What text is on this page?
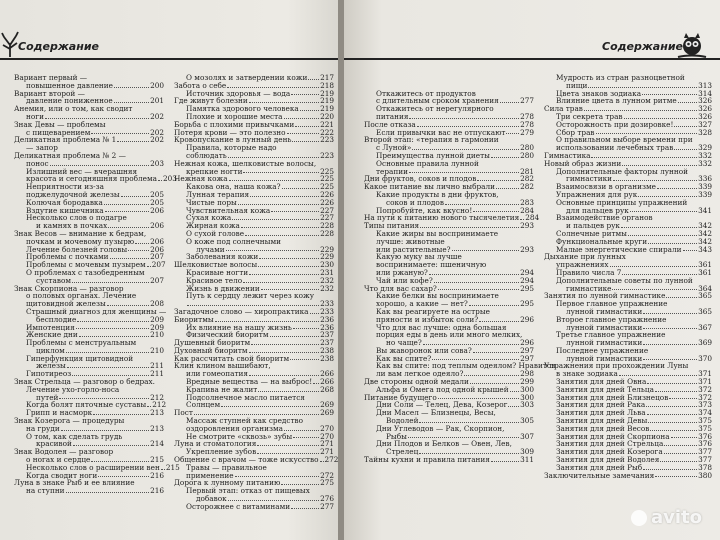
Содержание
Вариант первый —
повышенное давление	200
Вариант второй —
давление пониженное	201
Анемия, или о том, как сводит
ноги	202
Знак Девы — проблемы
с пищеварением	202
Деликатная проблема № 1	202
— запор
Деликатная проблема № 2 —
понос	203
Излишний вес — вчерашняя
красота и сегодняшняя проблема 203
Неприятности из-за
поджелудочной железы	205
Колючая бородавка	205
Вздутие кишечника	206
Несколько слов о подагре
и камнях в почках	206
Знак Весов — внимание к бедрам,
почкам и мочевому пузырю 206
Лечение болезней головы	206
Проблемы с почками	207
Проблемы с мочевым пузырем 207
О проблемах с тазобедренным
суставом	207
Знак Скорпиона — разговор
о половых органах. Лечение
щитовидной железы	208
Страшный диагноз для женщины —
бесплодие	209
Импотенция	209
Женские дни	210
Проблемы с менструальным
циклом	210
Гиперфункция щитовидной
железы	211
Гипотиреоз	211
Знак Стрельца — разговор о бедрах.
Лечение ухо-горло-носа
путей	212
Когда болят пяточные суставы 212
Грипп и насморк	213
Знак Козерога — процедуры
на груди	213
О том, как сделать грудь
красивой	214
Знак Водолея — разговор
о ногах и сердце	215
Несколько слов о расширении вен 215
Когда сводит ноги	216
Луна в знаке Рыб и ее влияние
на ступни	216
О мозолях и затвердении кожи 217
Забота о себе	218
Источник здоровья — вода	219
Где живут болезни	219
Памятка здорового человека	219
Плохие и хорошие места	220
Борьба с плохими привычками	221
Потеря крови — это полезно	222
Кровопускание в лунный день	223
Правила, которые надо
соблюдать	223
Нежная кожа, шелковистые волосы,
крепкие ногти	225
Нежная кожа	225
Какова она, наша кожа?	225
Лунная терапия	226
Чистые поры	226
Чувствительная кожа	227
Сухая кожа	227
Жирная кожа	228
О сухой голове	228
О коже под солнечными
лучами	229
Заболевания кожи	229
Шелковистые волосы	230
Красивые ногти	231
Красивое тело	232
Жизнь в движении	232
Путь к сердцу лежит через кожу
233
Загадочное слово — хиропрактика 233
Биоритмы	236
Их влияние на нашу жизнь	236
Физический биоритм	237
Душевный биоритм	237
Духовный биоритм	238
Как рассчитать свой биоритм	238
Клин клином вышибают,
или гомеопатия	266
Вредные вещества — на выброс! 266
Крапива не жалит	268
Подсолнечное масло питается
Солнцем	269
Пост	269
Массаж ступней как средство
оздоровления организма	270
Не смотрите «сквозь» зубы	270
Луна и стоматология	271
Укрепление зубов	271
Общение с врачом — тоже искусство 272
Травы — правильное
применение	272
Дорога к лунному питанию	275
Первый этап: отказ от пищевых
добавок	276
Осторожнее с витаминами	277
Содержание
Откажитесь от продуктов
с длительным сроком хранения	277
Откажитесь от нерегулярного
питания	278
После отказа	278
Если привычки вас не отпускают 279
Второй этап: «терапия в гармонии
с Луной»	280
Преимущества лунной диеты	280
Основные правила лунной
терапии	281
Дни фруктов, соков и плодов	282
Какое питание вы лично выбрали	282
Какие продукты в дни фруктов,
соков и плодов	283
Попробуйте, как вкусно!	284
На пути к питанию нового тысячелетия 284
Типы питания	293
Какие жиры вы воспринимаете
лучше: животные
или растительные?	293
Какую муку вы лучше
воспринимаете: пшеничную
или ржаную?	294
Чай или кофе?	294
Что для вас сахар?	295
Какие белки вы воспринимаете
хорошо, а какие — нет?	295
Как вы реагируете на острые
пряности и избыток соли?	296
Что для вас лучше: одна большая
порция еды в день или много мелких,
но чаще?	296
Вы жаворонок или сова?	297
Как вы спите?	297
Как вы спите: под теплым одеялом? Нравится
ли вам легкое одеяло?	298
Две стороны одной медали	299
Альфа и Омега под одной крышей 300
Питание будущего	300
Дни Соли — Телец, Дева, Козерог 303
Дни Масел — Близнецы, Весы,
Водолей	305
Дни Углеводов — Рак, Скорпион,
Рыбы	307
Дни Плодов и Белков — Овен, Лев,
Стрелец	309
Тайны кухни и правила питания	311
Мудрость из стран разноцветной
пищи	313
Цвета знаков зодиака	314
Влияние цвета в лунном ритме	326
Сила трав	326
Три секрета трав	326
Осторожность при дозировке!	327
Сбор трав	328
О правильном выборе времени при
использовании лечебных трав	329
Гимнастика	332
Новый образ жизни	332
Дополнительные факторы лунной
гимнастики	336
Взаимосвязи в организме	339
Упражнения для рук	339
Основные принципы упражнений
для пальцев рук	341
Взаимодействие органов
и пальцев рук	342
Солнечные ритмы	342
Функциональные круги	342
Малые энергетические спирали 343
Дыхание при лунных
упражнениях	361
Правило числа 7	361
Дополнительные советы по лунной
гимнастике	364
Занятия по лунной гимнастике	365
Первое главное упражнение
лунной гимнастики	365
Второе главное упражнение
лунной гимнастики	367
Третье главное упражнение
лунной гимнастики	369
Последнее упражнение
лунной гимнастики	370
Упражнения при прохождении Луны
в знаке зодиака	371
Занятия для дней Овна	371
Занятия для дней Тельца	372
Занятия для дней Близнецов	372
Занятия для дней Рака	373
Занятия для дней Льва	374
Занятия для дней Девы	375
Занятия для дней Весов	375
Занятия для дней Скорпиона	376
Занятия для дней Стрельца	376
Занятия для дней Козерога	377
Занятия для дней Водолея	377
Занятия для дней Рыб	378
Заключительные замечания	380
avito
